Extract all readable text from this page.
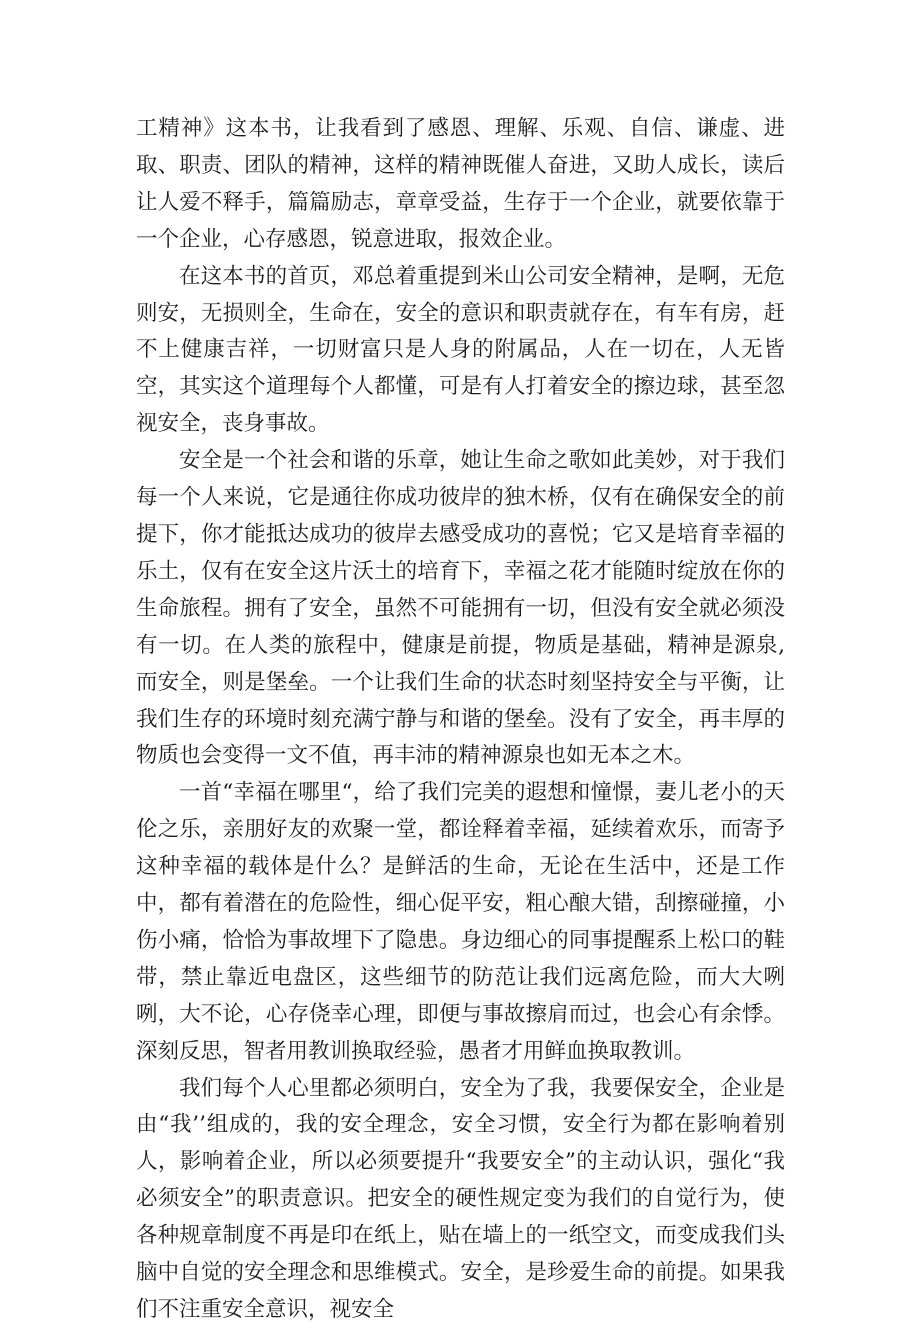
工精神》这本书，让我看到了感恩、理解、乐观、自信、谦虚、进取、职责、团队的精神，这样的精神既催人奋进，又助人成长，读后让人爱不释手，篇篇励志，章章受益，生存于一个企业，就要依靠于一个企业，心存感恩，锐意进取，报效企业。

在这本书的首页，邓总着重提到米山公司安全精神，是啊，无危则安，无损则全，生命在，安全的意识和职责就存在，有车有房，赶不上健康吉祥，一切财富只是人身的附属品，人在一切在，人无皆空，其实这个道理每个人都懂，可是有人打着安全的擦边球，甚至忽视安全，丧身事故。

安全是一个社会和谐的乐章，她让生命之歌如此美妙，对于我们每一个人来说，它是通往你成功彼岸的独木桥，仅有在确保安全的前提下，你才能抵达成功的彼岸去感受成功的喜悦；它又是培育幸福的乐土，仅有在安全这片沃土的培育下，幸福之花才能随时绽放在你的生命旅程。拥有了安全，虽然不可能拥有一切，但没有安全就必须没有一切。在人类的旅程中，健康是前提，物质是基础，精神是源泉,而安全，则是堡垒。一个让我们生命的状态时刻坚持安全与平衡，让我们生存的环境时刻充满宁静与和谐的堡垒。没有了安全，再丰厚的物质也会变得一文不值，再丰沛的精神源泉也如无本之木。

一首“幸福在哪里“，给了我们完美的遐想和憧憬，妻儿老小的天伦之乐，亲朋好友的欢聚一堂，都诠释着幸福，延续着欢乐，而寄予这种幸福的载体是什么？是鲜活的生命，无论在生活中，还是工作中，都有着潜在的危险性，细心促平安，粗心酿大错，刮擦碰撞，小伤小痛，恰恰为事故埋下了隐患。身边细心的同事提醒系上松口的鞋带，禁止靠近电盘区，这些细节的防范让我们远离危险，而大大咧咧，大不论，心存侥幸心理，即便与事故擦肩而过，也会心有余悸。深刻反思，智者用教训换取经验，愚者才用鲜血换取教训。

我们每个人心里都必须明白，安全为了我，我要保安全，企业是由“我’’组成的，我的安全理念，安全习惯，安全行为都在影响着别人，影响着企业，所以必须要提升“我要安全”的主动认识，强化“我必须安全”的职责意识。把安全的硬性规定变为我们的自觉行为，使各种规章制度不再是印在纸上，贴在墙上的一纸空文，而变成我们头脑中自觉的安全理念和思维模式。安全，是珍爱生命的前提。如果我们不注重安全意识，视安全
